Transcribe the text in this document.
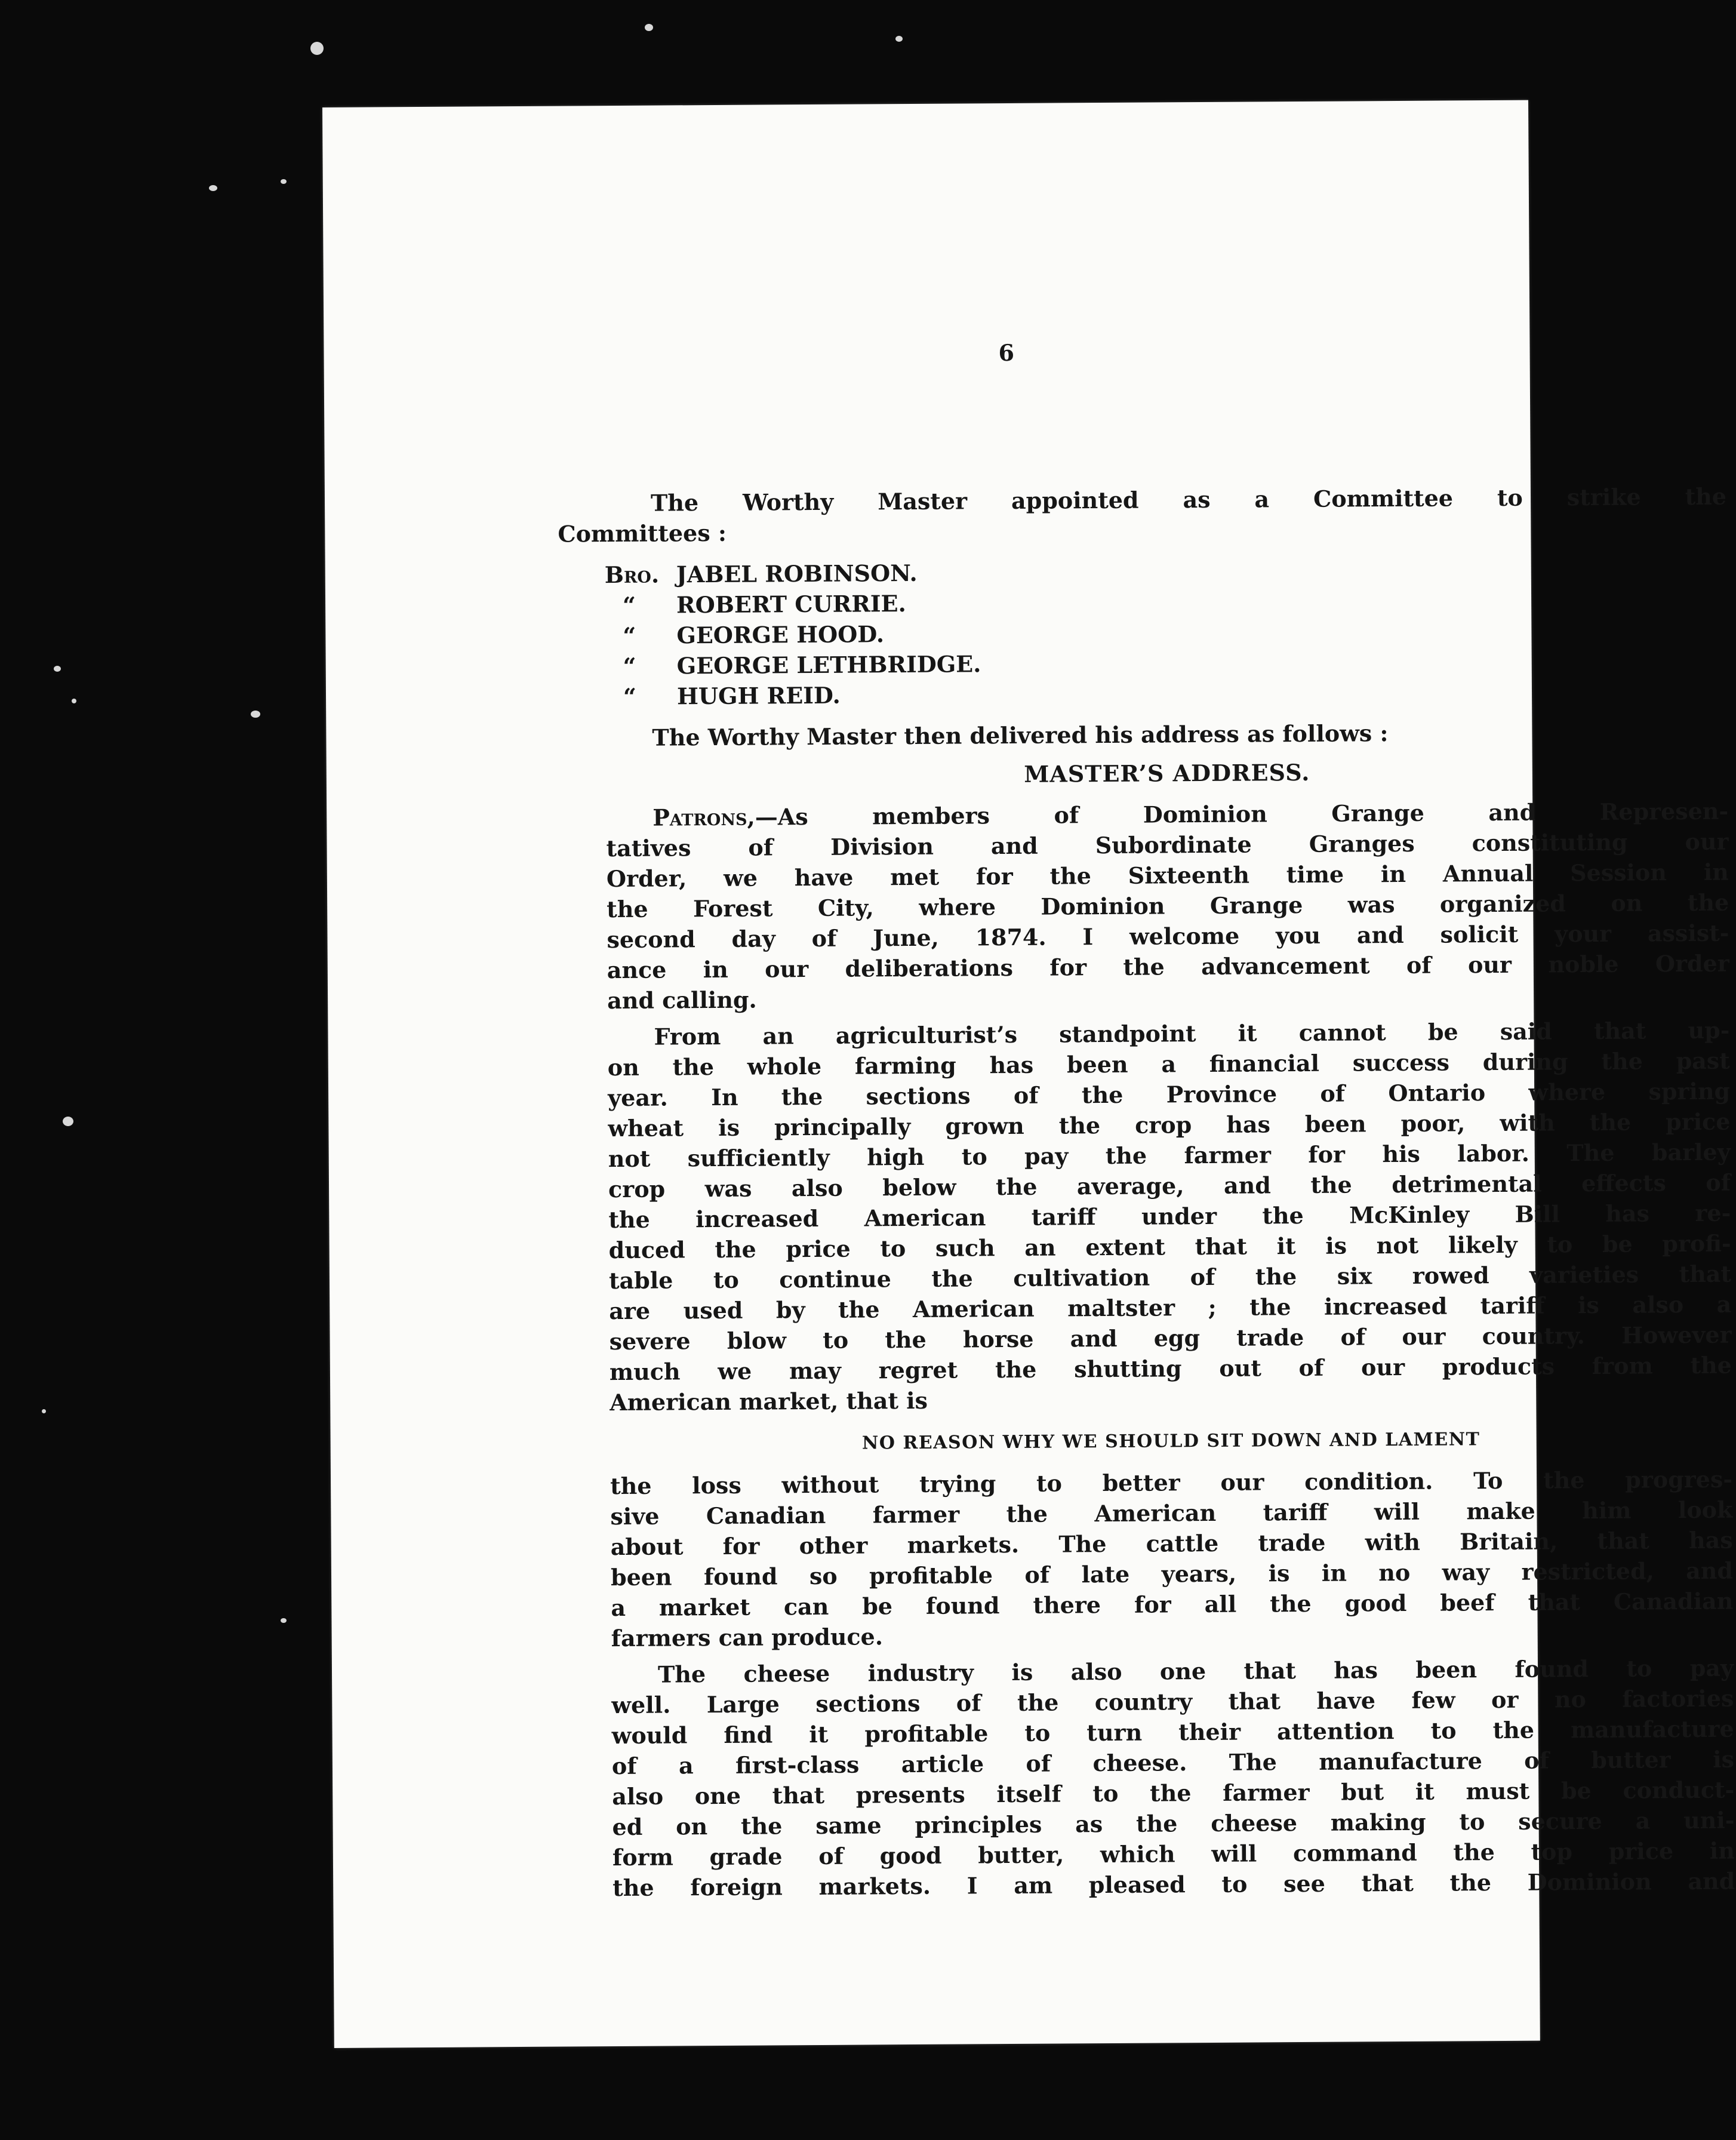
6

The Worthy Master appointed as a Committee to strike the
Committees :

Bro. JABEL ROBINSON.
“	ROBERT CURRIE.
“	GEORGE HOOD.
“	GEORGE LETHBRIDGE.
“	HUGH REID.

The Worthy Master then delivered his address as follows :

MASTER’S ADDRESS.

Patrons,—As members of Dominion Grange and Represen-
tatives of Division and Subordinate Granges constituting our
Order, we have met for the Sixteenth time in Annual Session in
the Forest City, where Dominion Grange was organized on the
second day of June, 1874. I welcome you and solicit your assist-
ance in our deliberations for the advancement of our noble Order
and calling.

From an agriculturist’s standpoint it cannot be said that up-
on the whole farming has been a financial success during the past
year. In the sections of the Province of Ontario where spring
wheat is principally grown the crop has been poor, with the price
not sufficiently high to pay the farmer for his labor. The barley
crop was also below the average, and the detrimental effects of
the increased American tariff under the McKinley Bill has re-
duced the price to such an extent that it is not likely to be profi-
table to continue the cultivation of the six rowed varieties that
are used by the American maltster ; the increased tariff is also a
severe blow to the horse and egg trade of our country. However
much we may regret the shutting out of our products from the
American market, that is

NO REASON WHY WE SHOULD SIT DOWN AND LAMENT

the loss without trying to better our condition. To the progres-
sive Canadian farmer the American tariff will make him look
about for other markets. The cattle trade with Britain, that has
been found so profitable of late years, is in no way restricted, and
a market can be found there for all the good beef that Canadian
farmers can produce.

The cheese industry is also one that has been found to pay
well. Large sections of the country that have few or no factories
would find it profitable to turn their attention to the manufacture
of a first-class article of cheese. The manufacture of butter is
also one that presents itself to the farmer but it must be conduct-
ed on the same principles as the cheese making to secure a uni-
form grade of good butter, which will command the top price in
the foreign markets. I am pleased to see that the Dominion and
